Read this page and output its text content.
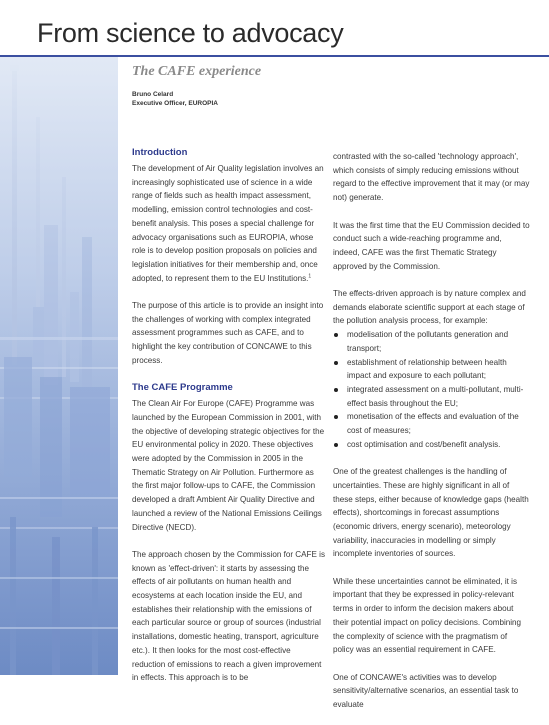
From science to advocacy
The CAFE experience
Bruno Celard
Executive Officer, EUROPIA
Introduction

The development of Air Quality legislation involves an increasingly sophisticated use of science in a wide range of fields such as health impact assessment, modelling, emission control technologies and cost-benefit analysis. This poses a special challenge for advocacy organisations such as EUROPIA, whose role is to develop position proposals on policies and legislation initiatives for their membership and, once adopted, to represent them to the EU Institutions.$^1$

The purpose of this article is to provide an insight into the challenges of working with complex integrated assessment programmes such as CAFE, and to highlight the key contribution of CONCAWE to this process.

The CAFE Programme

The Clean Air For Europe (CAFE) Programme was launched by the European Commission in 2001, with the objective of developing strategic objectives for the EU environmental policy in 2020. These objectives were adopted by the Commission in 2005 in the Thematic Strategy on Air Pollution. Furthermore as the first major follow-ups to CAFE, the Commission developed a draft Ambient Air Quality Directive and launched a review of the National Emissions Ceilings Directive (NECD).

The approach chosen by the Commission for CAFE is known as 'effect-driven': it starts by assessing the effects of air pollutants on human health and ecosystems at each location inside the EU, and establishes their relationship with the emissions of each particular source or group of sources (industrial installations, domestic heating, transport, agriculture etc.). It then looks for the most cost-effective reduction of emissions to reach a given improvement in effects. This approach is to be

contrasted with the so-called 'technology approach', which consists of simply reducing emissions without regard to the effective improvement that it may (or may not) generate.

It was the first time that the EU Commission decided to conduct such a wide-reaching programme and, indeed, CAFE was the first Thematic Strategy approved by the Commission.

The effects-driven approach is by nature complex and demands elaborate scientific support at each stage of the pollution analysis process, for example:

modelisation of the pollutants generation and transport;
establishment of relationship between health impact and exposure to each pollutant;
integrated assessment on a multi-pollutant, multi-effect basis throughout the EU;
monetisation of the effects and evaluation of the cost of measures;
cost optimisation and cost/benefit analysis.

One of the greatest challenges is the handling of uncertainties. These are highly significant in all of these steps, either because of knowledge gaps (health effects), shortcomings in forecast assumptions (economic drivers, energy scenario), meteorology variability, inaccuracies in modelling or simply incomplete inventories of sources.

While these uncertainties cannot be eliminated, it is important that they be expressed in policy-relevant terms in order to inform the decision makers about their potential impact on policy decisions. Combining the complexity of science with the pragmatism of policy was an essential requirement in CAFE.

One of CONCAWE's activities was to develop sensitivity/alternative scenarios, an essential task to evaluate
